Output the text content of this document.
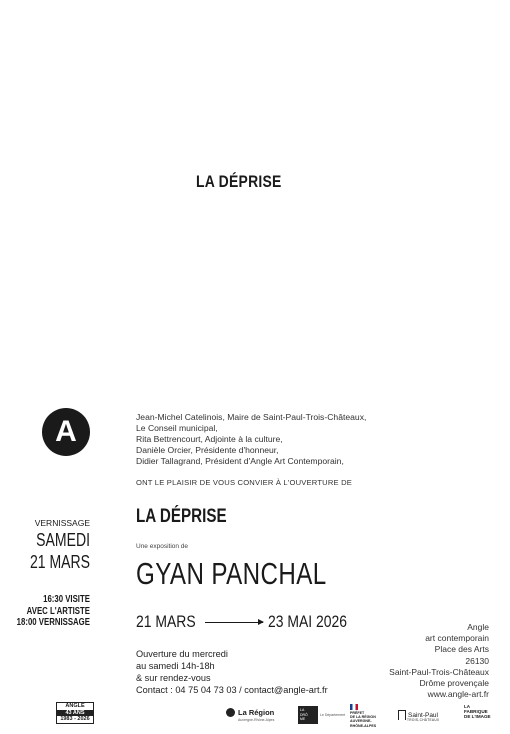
LA DÉPRISE
A	Jean-Michel Catelinois, Maire de Saint-Paul-Trois-Châteaux,
Le Conseil municipal,
Rita Bettrencourt, Adjointe à la culture,
Danièle Orcier, Présidente d'honneur,
Didier Tallagrand, Président d'Angle Art Contemporain,
ONT LE PLAISIR DE VOUS CONVIER À L'OUVERTURE DE
VERNISSAGE
SAMEDI
21 MARS
16:30 VISITE
AVEC L'ARTISTE
18:00 VERNISSAGE
LA DÉPRISE
Une exposition de
GYAN PANCHAL
21 MARS	23 MAI 2026
Ouverture du mercredi
au samedi 14h-18h
& sur rendez-vous
Contact : 04 75 04 73 03 / contact@angle-art.fr
Angle
art contemporain
Place des Arts
26130
Saint-Paul-Trois-Châteaux
Drôme provençale
www.angle-art.fr
ANGLE
43 ANS
1983 - 2026
La Région
Auvergne-Rhône-Alpes
LA
DRÔ
ME
Le Département PRÉFET
DE LA RÉGION
AUVERGNE-
RHÔNE-ALPES
Saint-Paul
TROIS-CHÂTEAUX
LA
FABRIQUE
DE L'IMAGE
